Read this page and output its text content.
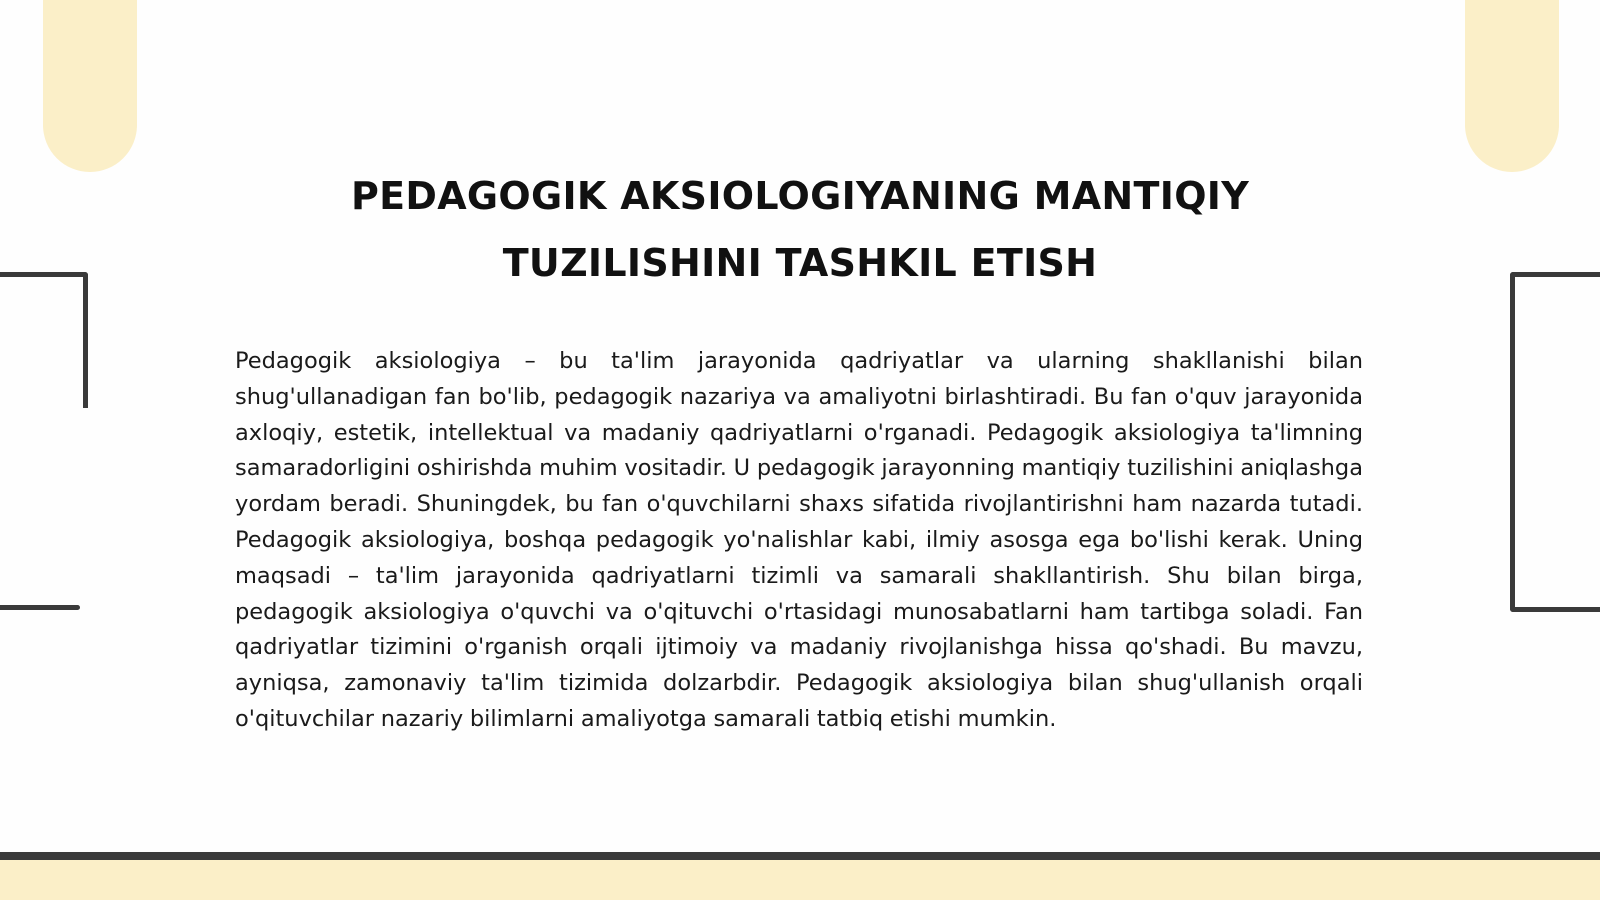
PEDAGOGIK AKSIOLOGIYANING MANTIQIY TUZILISHINI TASHKIL ETISH

Pedagogik aksiologiya – bu ta'lim jarayonida qadriyatlar va ularning shakllanishi bilan shug'ullanadigan fan bo'lib, pedagogik nazariya va amaliyotni birlashtiradi. Bu fan o'quv jarayonida axloqiy, estetik, intellektual va madaniy qadriyatlarni o'rganadi. Pedagogik aksiologiya ta'limning samaradorligini oshirishda muhim vositadir. U pedagogik jarayonning mantiqiy tuzilishini aniqlashga yordam beradi. Shuningdek, bu fan o'quvchilarni shaxs sifatida rivojlantirishni ham nazarda tutadi. Pedagogik aksiologiya, boshqa pedagogik yo'nalishlar kabi, ilmiy asosga ega bo'lishi kerak. Uning maqsadi – ta'lim jarayonida qadriyatlarni tizimli va samarali shakllantirish. Shu bilan birga, pedagogik aksiologiya o'quvchi va o'qituvchi o'rtasidagi munosabatlarni ham tartibga soladi. Fan qadriyatlar tizimini o'rganish orqali ijtimoiy va madaniy rivojlanishga hissa qo'shadi. Bu mavzu, ayniqsa, zamonaviy ta'lim tizimida dolzarbdir. Pedagogik aksiologiya bilan shug'ullanish orqali o'qituvchilar nazariy bilimlarni amaliyotga samarali tatbiq etishi mumkin.
